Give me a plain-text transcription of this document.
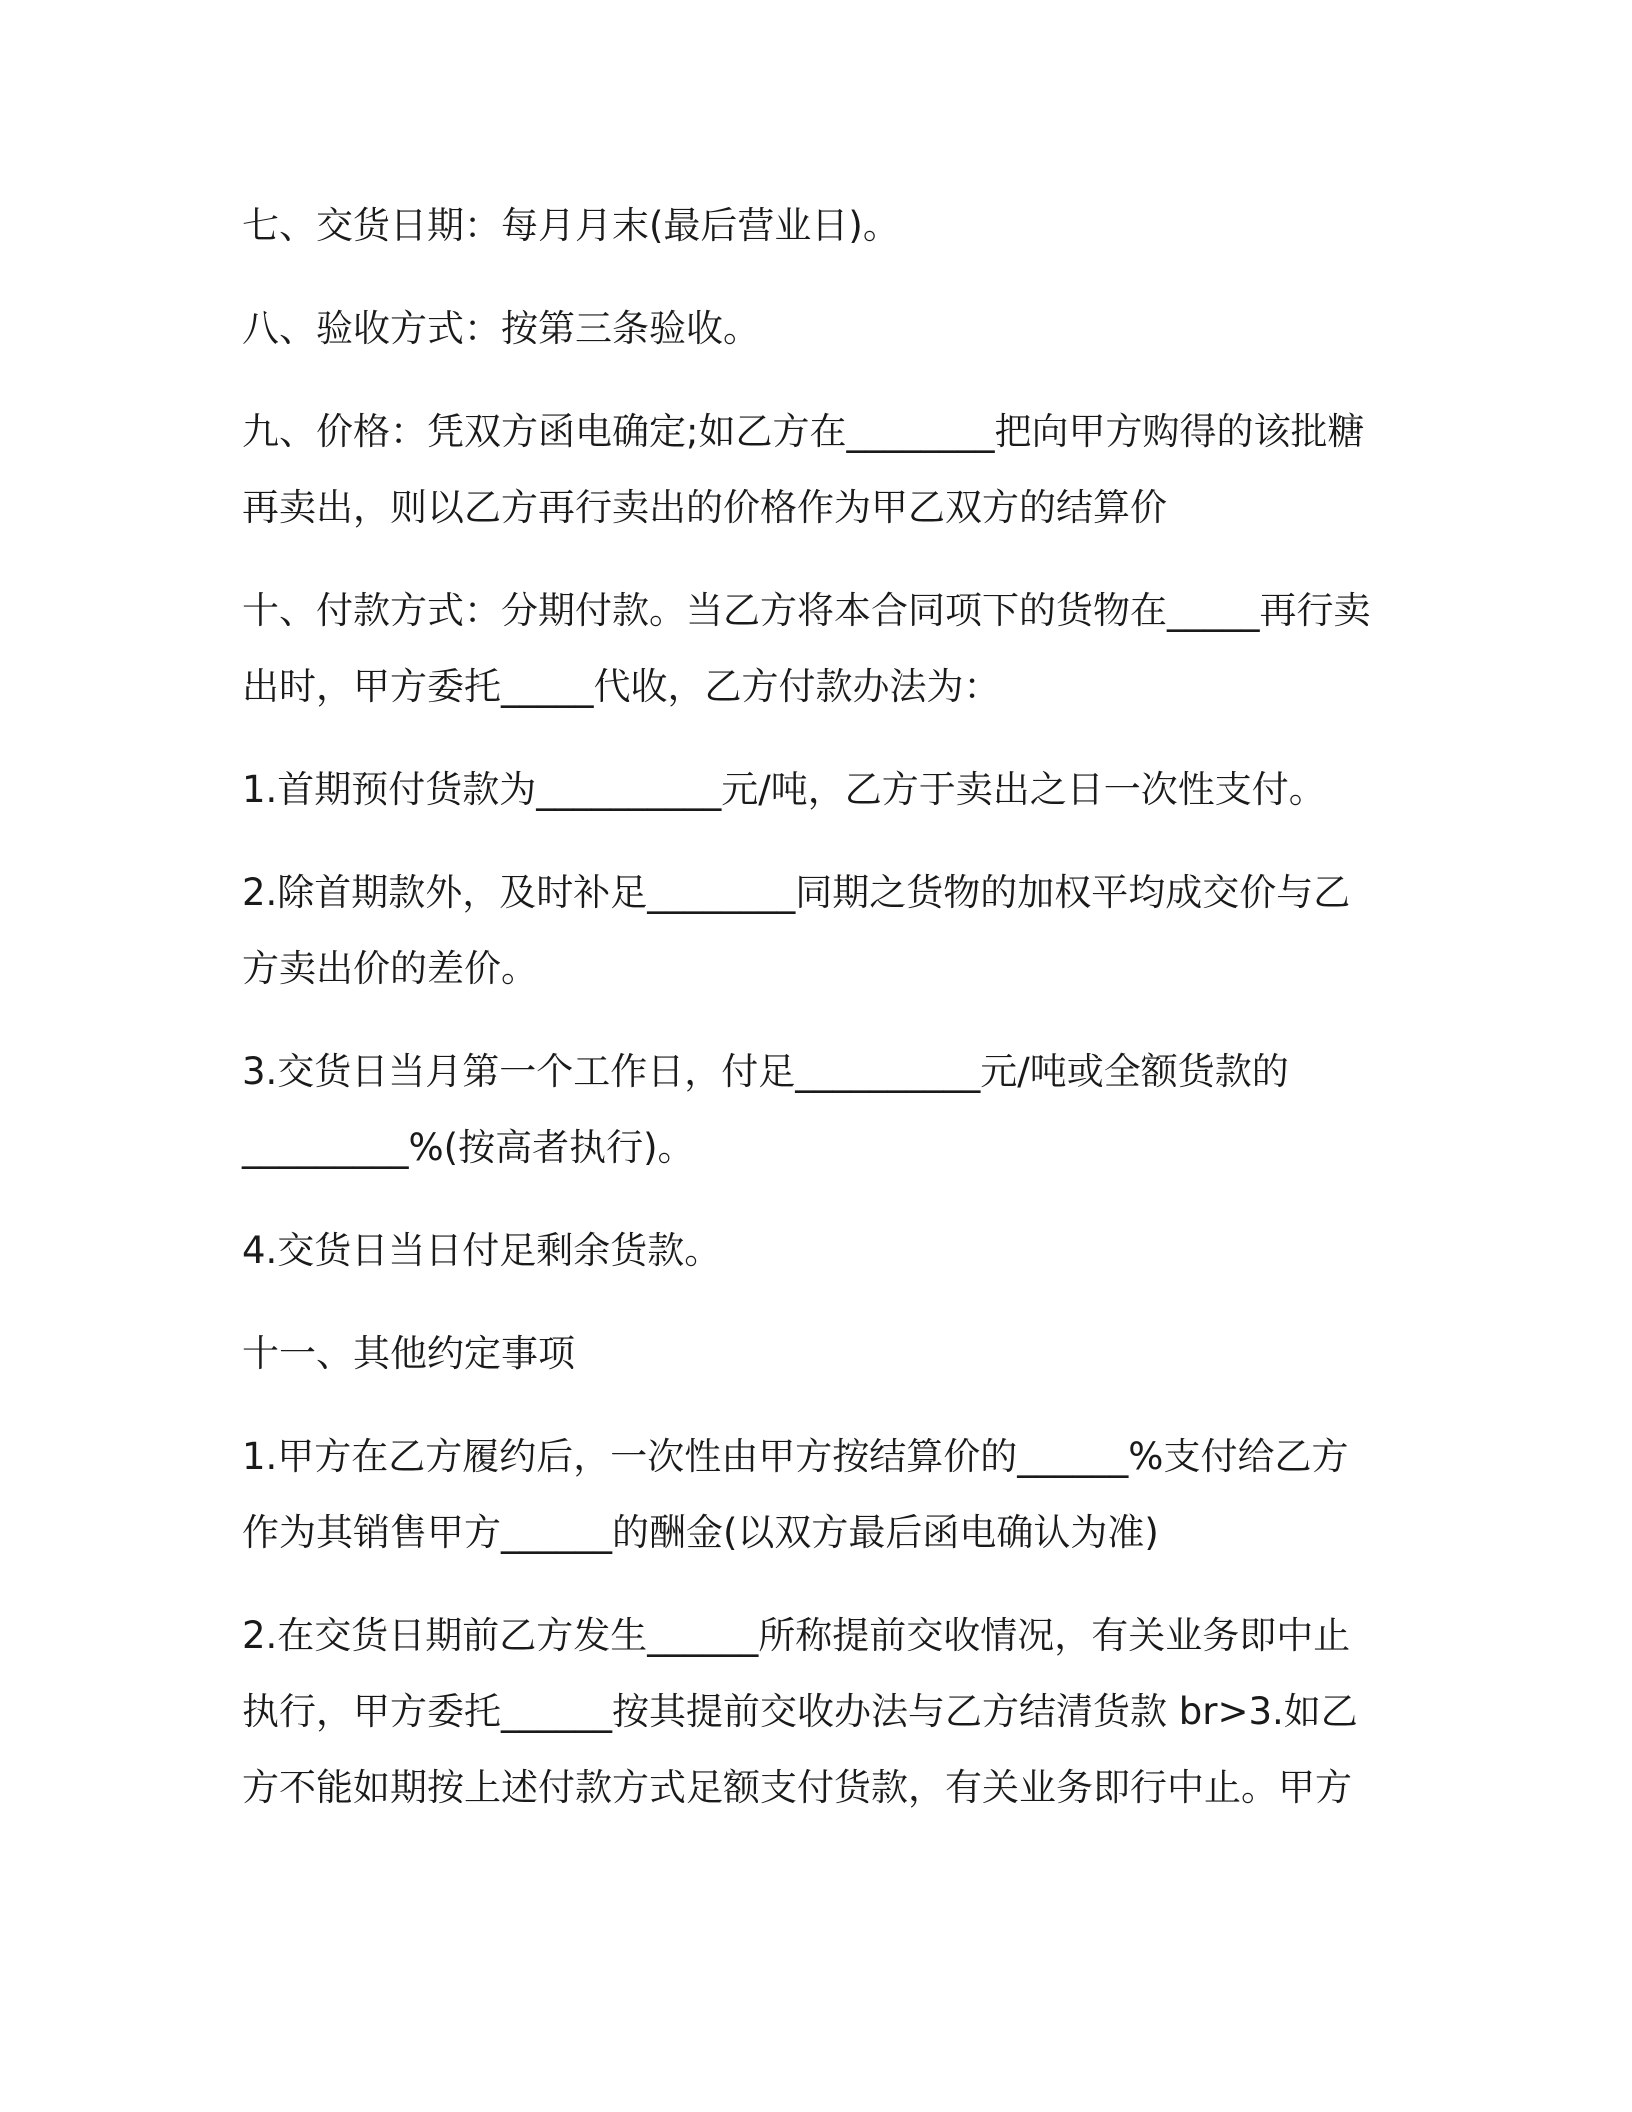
七、交货日期：每月月末(最后营业日)。

八、验收方式：按第三条验收。

九、价格：凭双方函电确定;如乙方在________把向甲方购得的该批糖
再卖出，则以乙方再行卖出的价格作为甲乙双方的结算价

十、付款方式：分期付款。当乙方将本合同项下的货物在_____再行卖
出时，甲方委托_____代收，乙方付款办法为：

1.首期预付货款为__________元/吨，乙方于卖出之日一次性支付。

2.除首期款外，及时补足________同期之货物的加权平均成交价与乙
方卖出价的差价。

3.交货日当月第一个工作日，付足__________元/吨或全额货款的
_________%(按高者执行)。

4.交货日当日付足剩余货款。

十一、其他约定事项

1.甲方在乙方履约后，一次性由甲方按结算价的______%支付给乙方
作为其销售甲方______的酬金(以双方最后函电确认为准)

2.在交货日期前乙方发生______所称提前交收情况，有关业务即中止
执行，甲方委托______按其提前交收办法与乙方结清货款 br>3.如乙
方不能如期按上述付款方式足额支付货款，有关业务即行中止。甲方
